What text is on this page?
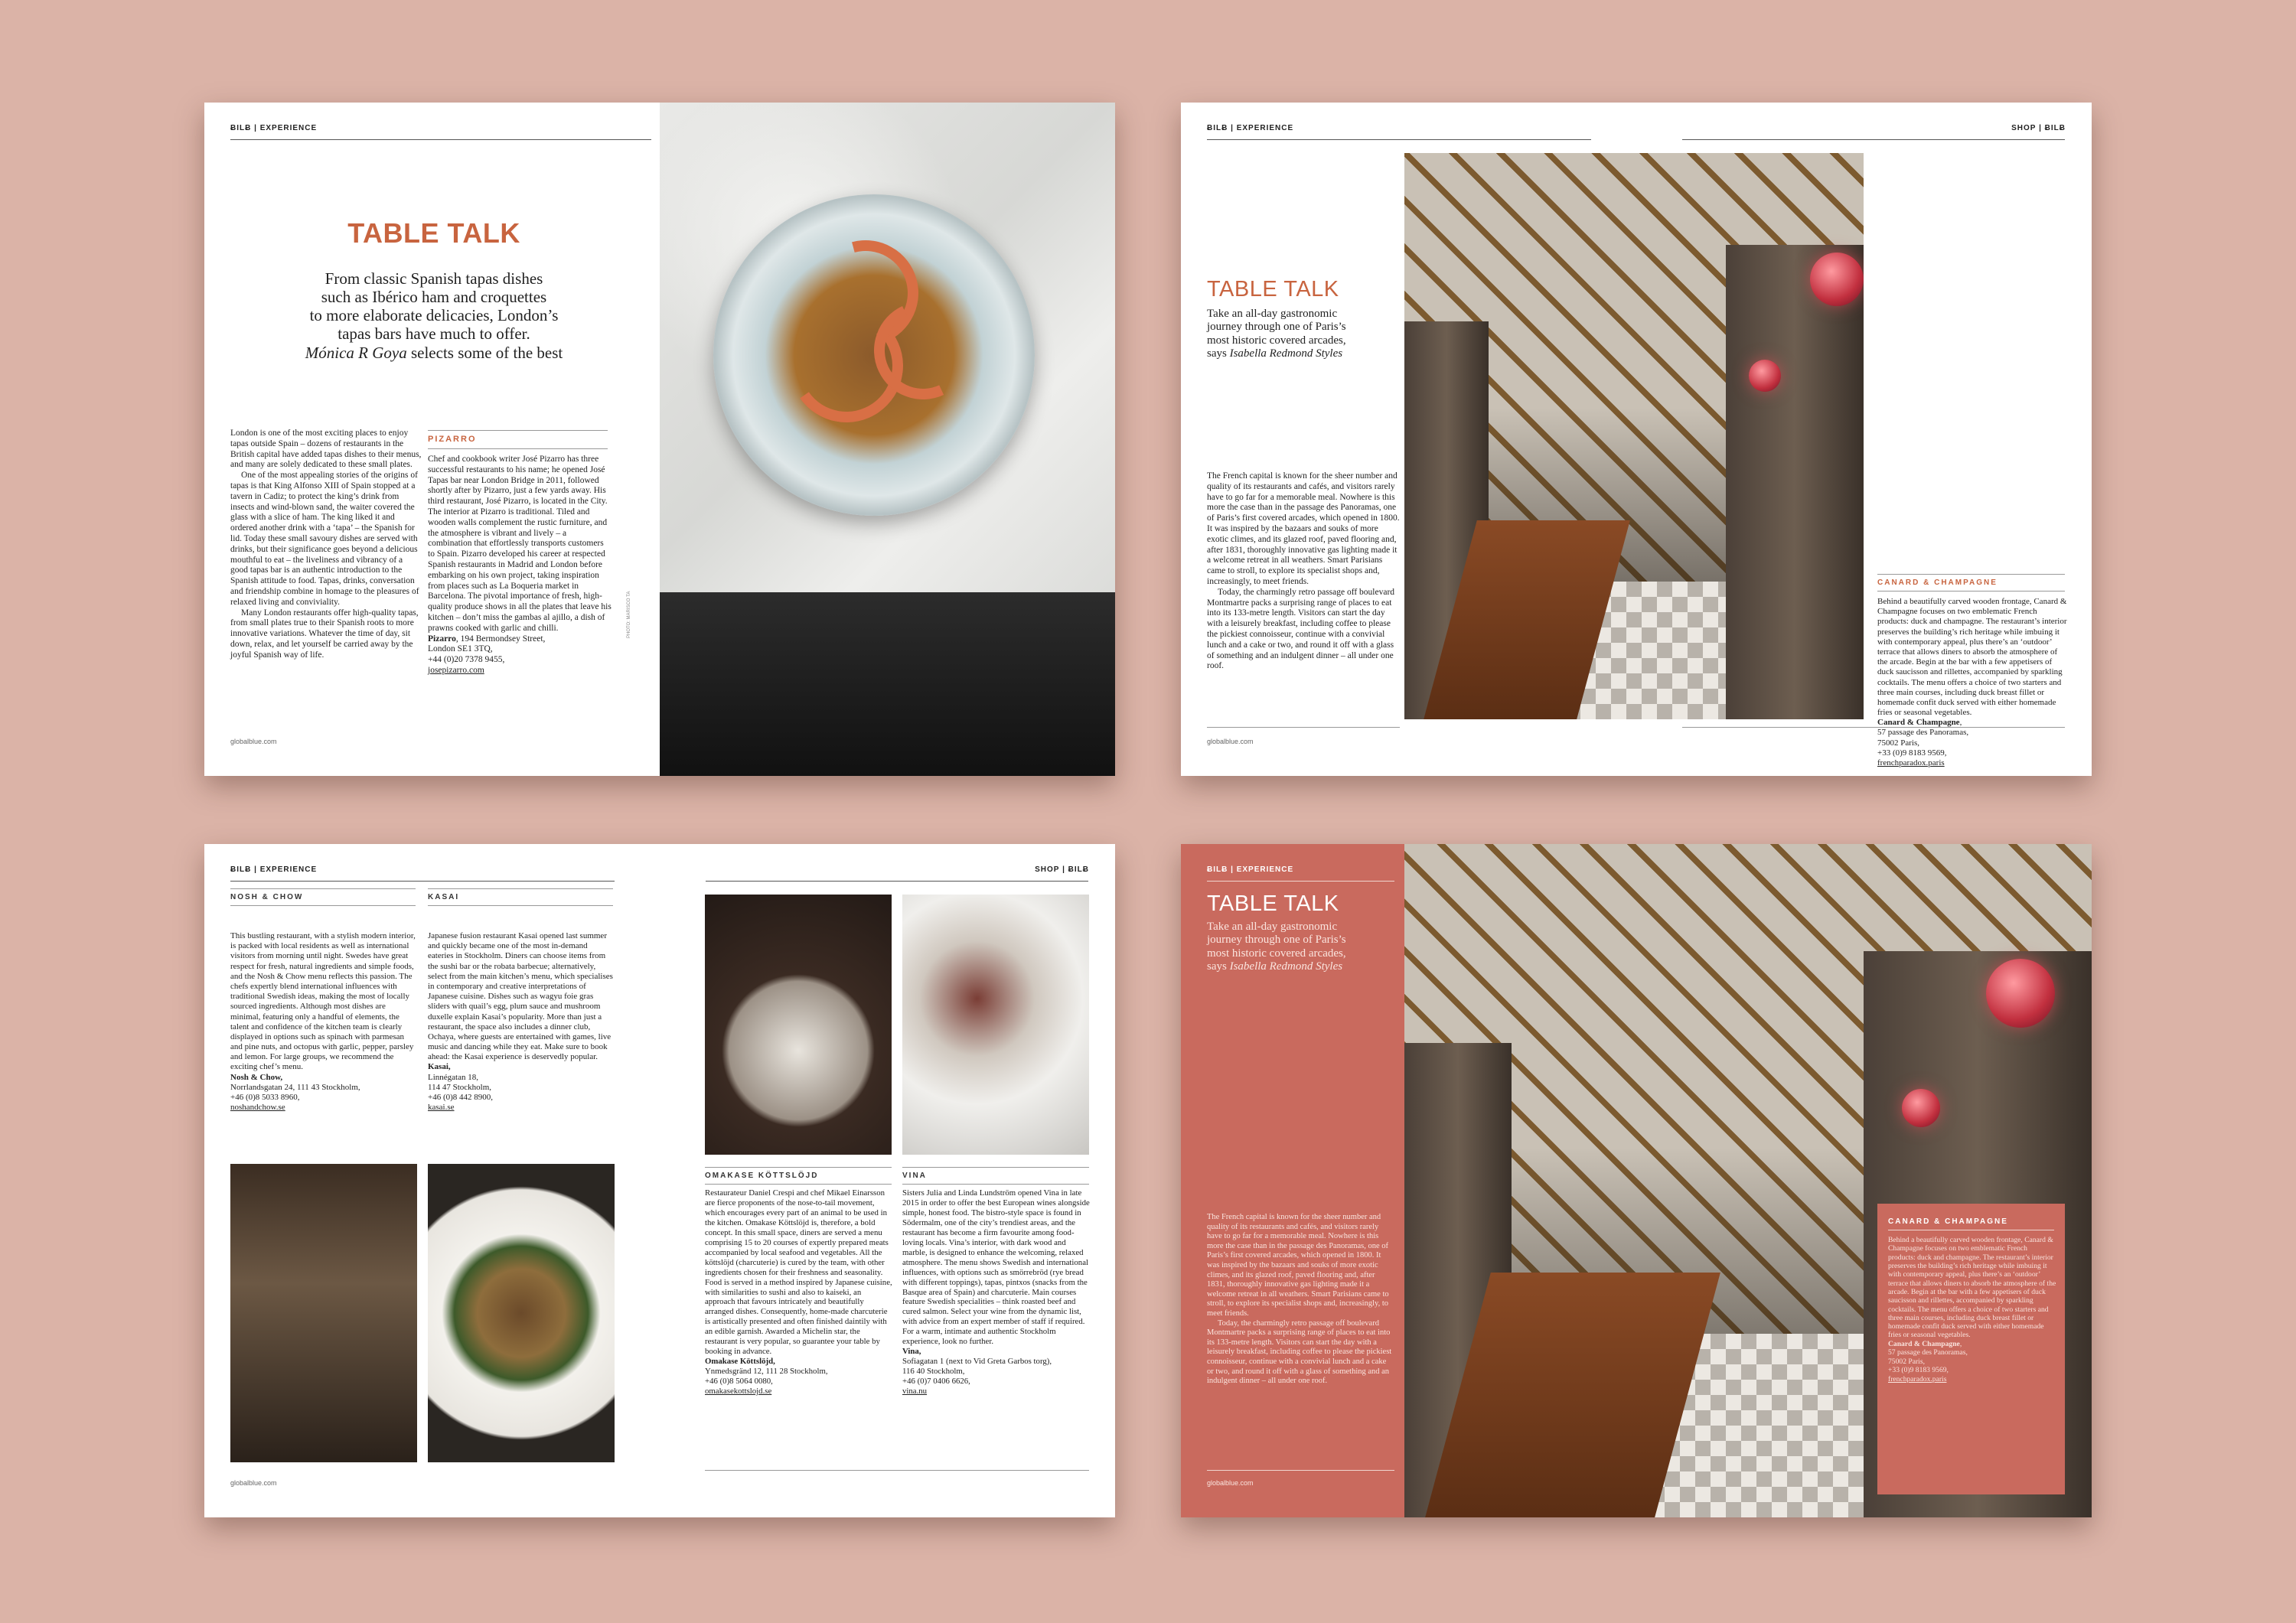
ɃILɃ | EXPERIENCE
TABLE TALK
From classic Spanish tapas dishes
such as Ibérico ham and croquettes
to more elaborate delicacies, London’s
tapas bars have much to offer.
Mónica R Goya selects some of the best

London is one of the most exciting places to enjoy tapas outside Spain – dozens of restaurants in the British capital have added tapas dishes to their menus, and many are solely dedicated to these small plates.

One of the most appealing stories of the origins of tapas is that King Alfonso XIII of Spain stopped at a tavern in Cadiz; to protect the king’s drink from insects and wind-blown sand, the waiter covered the glass with a slice of ham. The king liked it and ordered another drink with a ‘tapa’ – the Spanish for lid. Today these small savoury dishes are served with drinks, but their significance goes beyond a delicious mouthful to eat – the liveliness and vibrancy of a good tapas bar is an authentic introduction to the Spanish attitude to food. Tapas, drinks, conversation and friendship combine in homage to the pleasures of relaxed living and conviviality.

Many London restaurants offer high-quality tapas, from small plates true to their Spanish roots to more innovative variations. Whatever the time of day, sit down, relax, and let yourself be carried away by the joyful Spanish way of life.

PIZARRO

Chef and cookbook writer José Pizarro has three successful restaurants to his name; he opened José Tapas bar near London Bridge in 2011, followed shortly after by Pizarro, just a few yards away. His third restaurant, José Pizarro, is located in the City. The interior at Pizarro is traditional. Tiled and wooden walls complement the rustic furniture, and the atmosphere is vibrant and lively – a combination that effortlessly transports customers to Spain. Pizarro developed his career at respected Spanish restaurants in Madrid and London before embarking on his own project, taking inspiration from places such as La Boqueria market in Barcelona. The pivotal importance of fresh, high-quality produce shows in all the plates that leave his kitchen – don’t miss the gambas al ajillo, a dish of prawns cooked with garlic and chilli.

Pizarro, 194 Bermondsey Street,
London SE1 3TQ,
+44 (0)20 7378 9455,
josepizarro.com
PHOTO: MARISCO TA
globalblue.com
ɃILɃ | EXPERIENCE	SHOP | ɃILɃ
TABLE TALK
Take an all-day gastronomic
journey through one of Paris’s
most historic covered arcades,
says Isabella Redmond Styles

The French capital is known for the sheer number and quality of its restaurants and cafés, and visitors rarely have to go far for a memorable meal. Nowhere is this more the case than in the passage des Panoramas, one of Paris’s first covered arcades, which opened in 1800. It was inspired by the bazaars and souks of more exotic climes, and its glazed roof, paved flooring and, after 1831, thoroughly innovative gas lighting made it a welcome retreat in all weathers. Smart Parisians came to stroll, to explore its specialist shops and, increasingly, to meet friends.

Today, the charmingly retro passage off boulevard Montmartre packs a surprising range of places to eat into its 133-metre length. Visitors can start the day with a leisurely breakfast, including coffee to please the pickiest connoisseur, continue with a convivial lunch and a cake or two, and round it off with a glass of something and an indulgent dinner – all under one roof.

globalblue.com
CANARD & CHAMPAGNE

Behind a beautifully carved wooden frontage, Canard & Champagne focuses on two emblematic French products: duck and champagne. The restaurant’s interior preserves the building’s rich heritage while imbuing it with contemporary appeal, plus there’s an ‘outdoor’ terrace that allows diners to absorb the atmosphere of the arcade. Begin at the bar with a few appetisers of duck saucisson and rillettes, accompanied by sparkling cocktails. The menu offers a choice of two starters and three main courses, including duck breast fillet or homemade confit duck served with either homemade fries or seasonal vegetables.

Canard & Champagne,
57 passage des Panoramas,
75002 Paris,
+33 (0)9 8183 9569,
frenchparadox.paris
ɃILɃ | EXPERIENCE	SHOP | ɃILɃ
NOSH & CHOW

This bustling restaurant, with a stylish modern interior, is packed with local residents as well as international visitors from morning until night. Swedes have great respect for fresh, natural ingredients and simple foods, and the Nosh & Chow menu reflects this passion. The chefs expertly blend international influences with traditional Swedish ideas, making the most of locally sourced ingredients. Although most dishes are minimal, featuring only a handful of elements, the talent and confidence of the kitchen team is clearly displayed in options such as spinach with parmesan and pine nuts, and octopus with garlic, pepper, parsley and lemon. For large groups, we recommend the exciting chef’s menu.

Nosh & Chow,
Norrlandsgatan 24, 111 43 Stockholm,
+46 (0)8 5033 8960,
noshandchow.se
KASAI

Japanese fusion restaurant Kasai opened last summer and quickly became one of the most in-demand eateries in Stockholm. Diners can choose items from the sushi bar or the robata barbecue; alternatively, select from the main kitchen’s menu, which specialises in contemporary and creative interpretations of Japanese cuisine. Dishes such as wagyu foie gras sliders with quail’s egg, plum sauce and mushroom duxelle explain Kasai’s popularity. More than just a restaurant, the space also includes a dinner club, Ochaya, where guests are entertained with games, live music and dancing while they eat. Make sure to book ahead: the Kasai experience is deservedly popular.

Kasai,
Linnégatan 18,
114 47 Stockholm,
+46 (0)8 442 8900,
kasai.se
OMAKASE KÖTTSLÖJD

Restaurateur Daniel Crespi and chef Mikael Einarsson are fierce proponents of the nose-to-tail movement, which encourages every part of an animal to be used in the kitchen. Omakase Köttslöjd is, therefore, a bold concept. In this small space, diners are served a menu comprising 15 to 20 courses of expertly prepared meats accompanied by local seafood and vegetables. All the köttslöjd (charcuterie) is cured by the team, with other ingredients chosen for their freshness and seasonality. Food is served in a method inspired by Japanese cuisine, with similarities to sushi and also to kaiseki, an approach that favours intricately and beautifully arranged dishes. Consequently, home-made charcuterie is artistically presented and often finished daintily with an edible garnish. Awarded a Michelin star, the restaurant is very popular, so guarantee your table by booking in advance.

Omakase Köttslöjd,
Ynmedsgränd 12, 111 28 Stockholm,
+46 (0)8 5064 0080,
omakasekottslojd.se
VINA

Sisters Julia and Linda Lundström opened Vina in late 2015 in order to offer the best European wines alongside simple, honest food. The bistro-style space is found in Södermalm, one of the city’s trendiest areas, and the restaurant has become a firm favourite among food-loving locals. Vina’s interior, with dark wood and marble, is designed to enhance the welcoming, relaxed atmosphere. The menu shows Swedish and international influences, with options such as smörrebröd (rye bread with different toppings), tapas, pintxos (snacks from the Basque area of Spain) and charcuterie. Main courses feature Swedish specialities – think roasted beef and cured salmon. Select your wine from the dynamic list, with advice from an expert member of staff if required. For a warm, intimate and authentic Stockholm experience, look no further.

Vina,
Sofiagatan 1 (next to Vid Greta Garbos torg),
116 40 Stockholm,
+46 (0)7 0406 6626,
vina.nu
globalblue.com
ɃILɃ | EXPERIENCE
TABLE TALK
Take an all-day gastronomic
journey through one of Paris’s
most historic covered arcades,
says Isabella Redmond Styles

The French capital is known for the sheer number and quality of its restaurants and cafés, and visitors rarely have to go far for a memorable meal. Nowhere is this more the case than in the passage des Panoramas, one of Paris’s first covered arcades, which opened in 1800. It was inspired by the bazaars and souks of more exotic climes, and its glazed roof, paved flooring and, after 1831, thoroughly innovative gas lighting made it a welcome retreat in all weathers. Smart Parisians came to stroll, to explore its specialist shops and, increasingly, to meet friends.

Today, the charmingly retro passage off boulevard Montmartre packs a surprising range of places to eat into its 133-metre length. Visitors can start the day with a leisurely breakfast, including coffee to please the pickiest connoisseur, continue with a convivial lunch and a cake or two, and round it off with a glass of something and an indulgent dinner – all under one roof.

globalblue.com
CANARD & CHAMPAGNE

Behind a beautifully carved wooden frontage, Canard & Champagne focuses on two emblematic French products: duck and champagne. The restaurant’s interior preserves the building’s rich heritage while imbuing it with contemporary appeal, plus there’s an ‘outdoor’ terrace that allows diners to absorb the atmosphere of the arcade. Begin at the bar with a few appetisers of duck saucisson and rillettes, accompanied by sparkling cocktails. The menu offers a choice of two starters and three main courses, including duck breast fillet or homemade confit duck served with either homemade fries or seasonal vegetables.

Canard & Champagne,
57 passage des Panoramas,
75002 Paris,
+33 (0)9 8183 9569,
frenchparadox.paris
